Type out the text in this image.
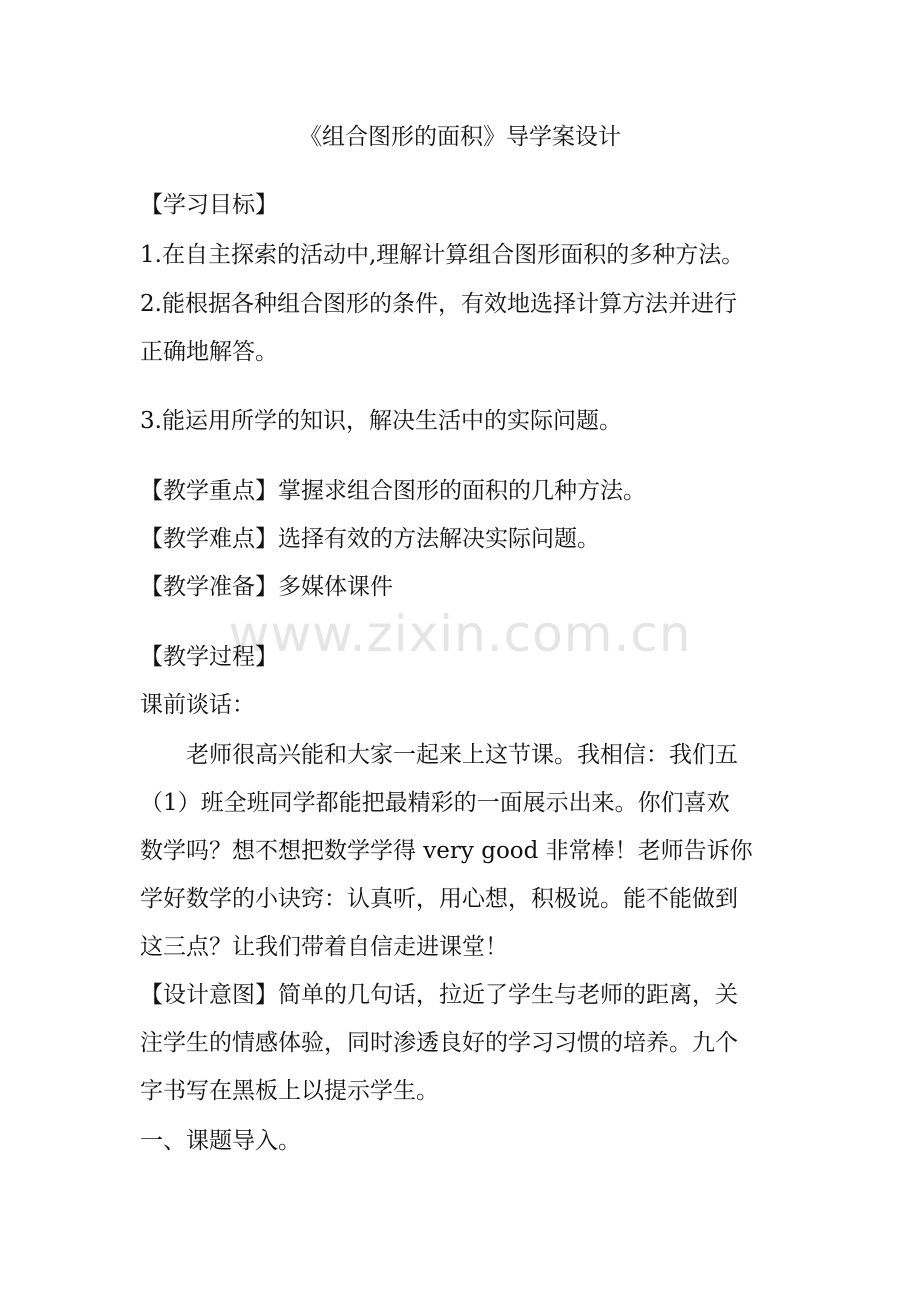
《组合图形的面积》导学案设计
【学习目标】
1.在自主探索的活动中,理解计算组合图形面积的多种方法。
2.能根据各种组合图形的条件，有效地选择计算方法并进行
正确地解答。
3.能运用所学的知识，解决生活中的实际问题。
【教学重点】掌握求组合图形的面积的几种方法。
【教学难点】选择有效的方法解决实际问题。
【教学准备】多媒体课件
www.zixin.com.cn
【教学过程】
课前谈话：
老师很高兴能和大家一起来上这节课。我相信：我们五
（1）班全班同学都能把最精彩的一面展示出来。你们喜欢
数学吗？想不想把数学学得 very good 非常棒！老师告诉你
学好数学的小诀窍：认真听，用心想，积极说。能不能做到
这三点？让我们带着自信走进课堂！
【设计意图】简单的几句话，拉近了学生与老师的距离，关
注学生的情感体验，同时渗透良好的学习习惯的培养。九个
字书写在黑板上以提示学生。
一、课题导入。
